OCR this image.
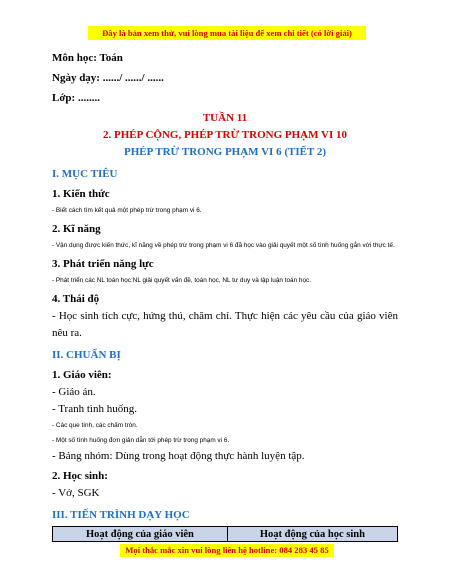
Đây là bản xem thử, vui lòng mua tài liệu để xem chi tiết (có lời giải)
Môn học: Toán
Ngày dạy: ....../ ....../ ......
Lớp: ........
TUẦN 11
2. PHÉP CỘNG, PHÉP TRỪ TRONG PHẠM VI 10
PHÉP TRỪ TRONG PHẠM VI 6 (TIẾT 2)
I. MỤC TIÊU
1. Kiến thức
- Biết cách tìm kết quả một phép trừ trong phạm vi 6.
2. Kĩ năng
- Vận dụng được kiến thức, kĩ năng về phép trừ trong phạm vi 6 đã học vào giải quyết một số tình huống gắn với thực tế.
3. Phát triển năng lực
- Phát triển các NL toán học:NL giải quyết vấn đề, toán học, NL tư duy và lập luận toán học.
4. Thái độ
- Học sinh tích cực, hứng thú, chăm chỉ. Thực hiện các yêu cầu của giáo viên nêu ra.
II. CHUẨN BỊ
1. Giáo viên:
- Giáo án.
- Tranh tình huống.
- Các que tính, các chấm tròn.
- Một số tình huống đơn giản dẫn tới phép trừ trong phạm vi 6.
- Bảng nhóm: Dùng trong hoạt động thực hành luyện tập.
2. Học sinh:
- Vở, SGK
III. TIẾN TRÌNH DẠY HỌC
Hoạt động của giáo viên	Hoạt động của học sinh
Mọi thắc mắc xin vui lòng liên hệ hotline: 084 283 45 85
